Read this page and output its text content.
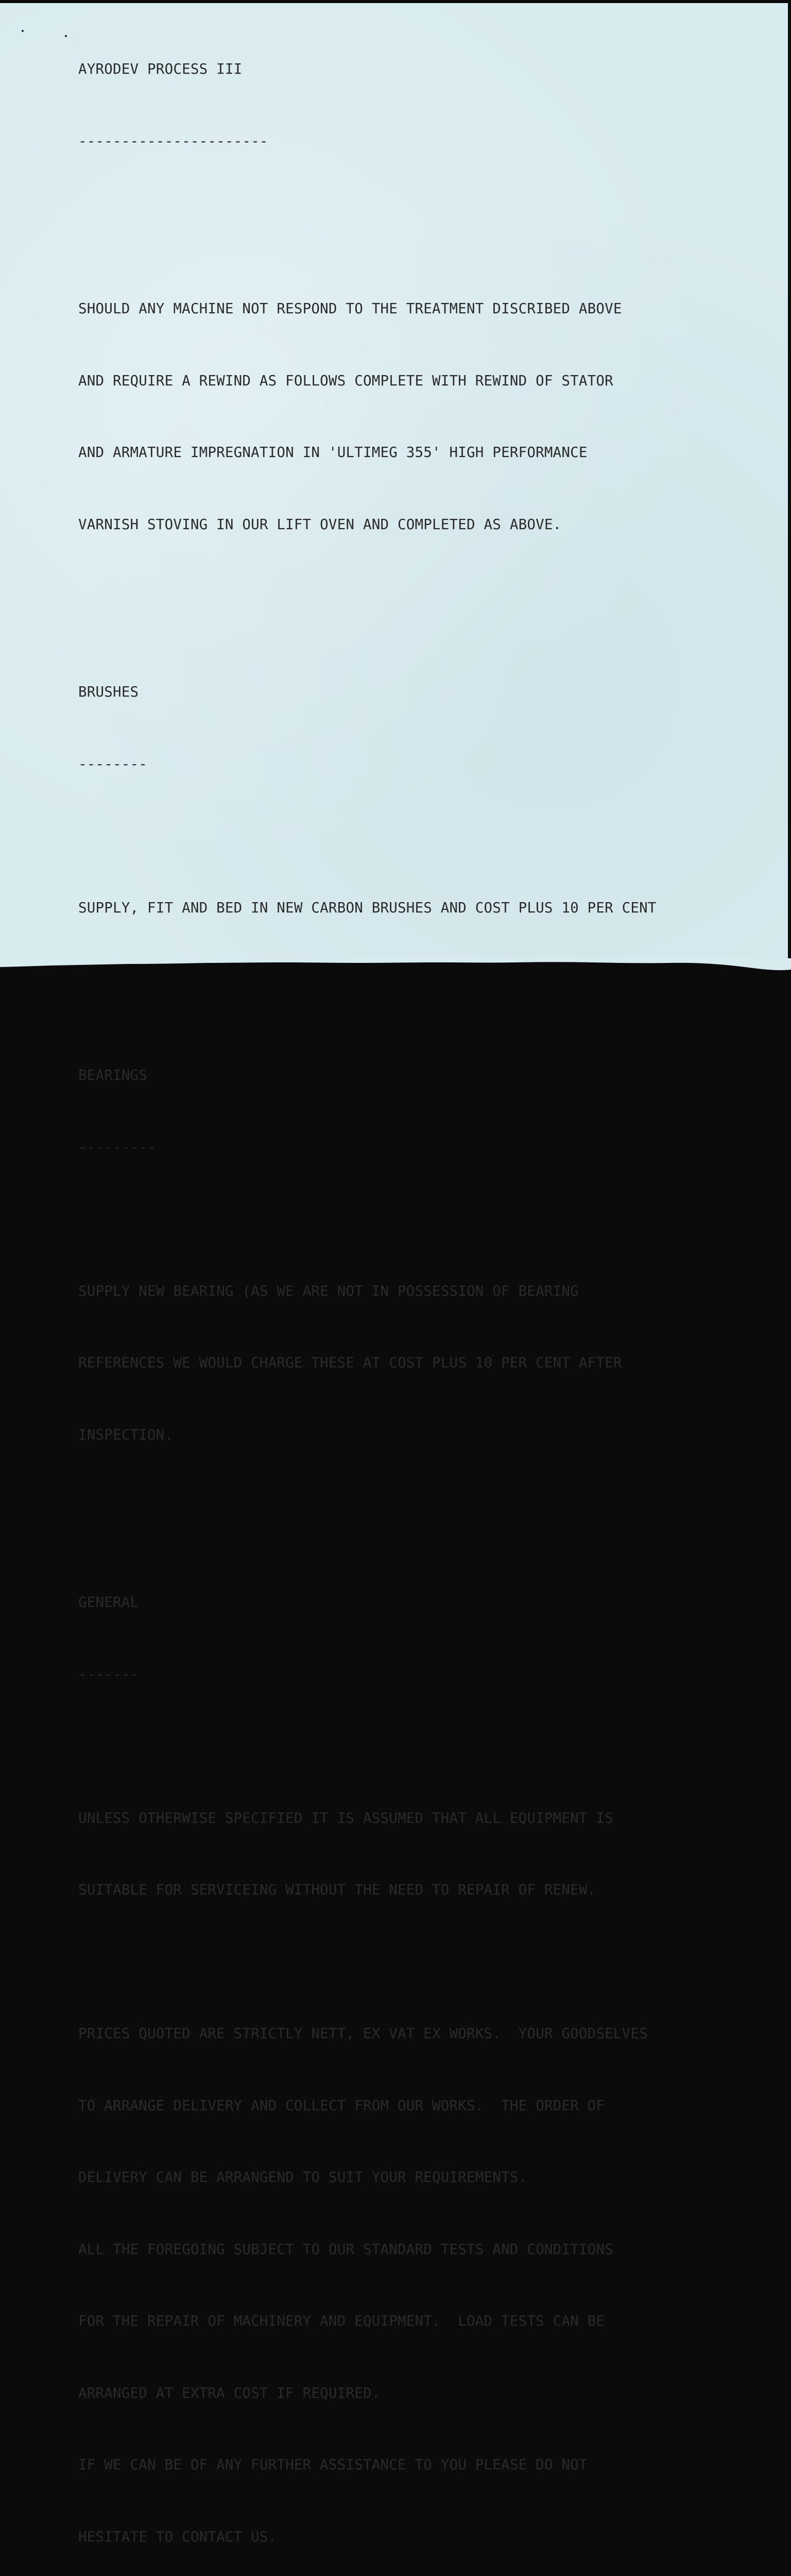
AYRODEV PROCESS III

----------------------

SHOULD ANY MACHINE NOT RESPOND TO THE TREATMENT DISCRIBED ABOVE

AND REQUIRE A REWIND AS FOLLOWS COMPLETE WITH REWIND OF STATOR

AND ARMATURE IMPREGNATION IN 'ULTIMEG 355' HIGH PERFORMANCE

VARNISH STOVING IN OUR LIFT OVEN AND COMPLETED AS ABOVE.

BRUSHES

--------

SUPPLY, FIT AND BED IN NEW CARBON BRUSHES AND COST PLUS 10 PER CENT

BEARINGS

---------

SUPPLY NEW BEARING (AS WE ARE NOT IN POSSESSION OF BEARING

REFERENCES WE WOULD CHARGE THESE AT COST PLUS 10 PER CENT AFTER

INSPECTION.

GENERAL

-------

UNLESS OTHERWISE SPECIFIED IT IS ASSUMED THAT ALL EQUIPMENT IS

SUITABLE FOR SERVICEING WITHOUT THE NEED TO REPAIR OF RENEW.

PRICES QUOTED ARE STRICTLY NETT, EX VAT EX WORKS.  YOUR GOODSELVES

TO ARRANGE DELIVERY AND COLLECT FROM OUR WORKS.  THE ORDER OF

DELIVERY CAN BE ARRANGEND TO SUIT YOUR REQUIREMENTS.

ALL THE FOREGOING SUBJECT TO OUR STANDARD TESTS AND CONDITIONS

FOR THE REPAIR OF MACHINERY AND EQUIPMENT.  LOAD TESTS CAN BE

ARRANGED AT EXTRA COST IF REQUIRED.

IF WE CAN BE OF ANY FURTHER ASSISTANCE TO YOU PLEASE DO NOT

HESITATE TO CONTACT US.
